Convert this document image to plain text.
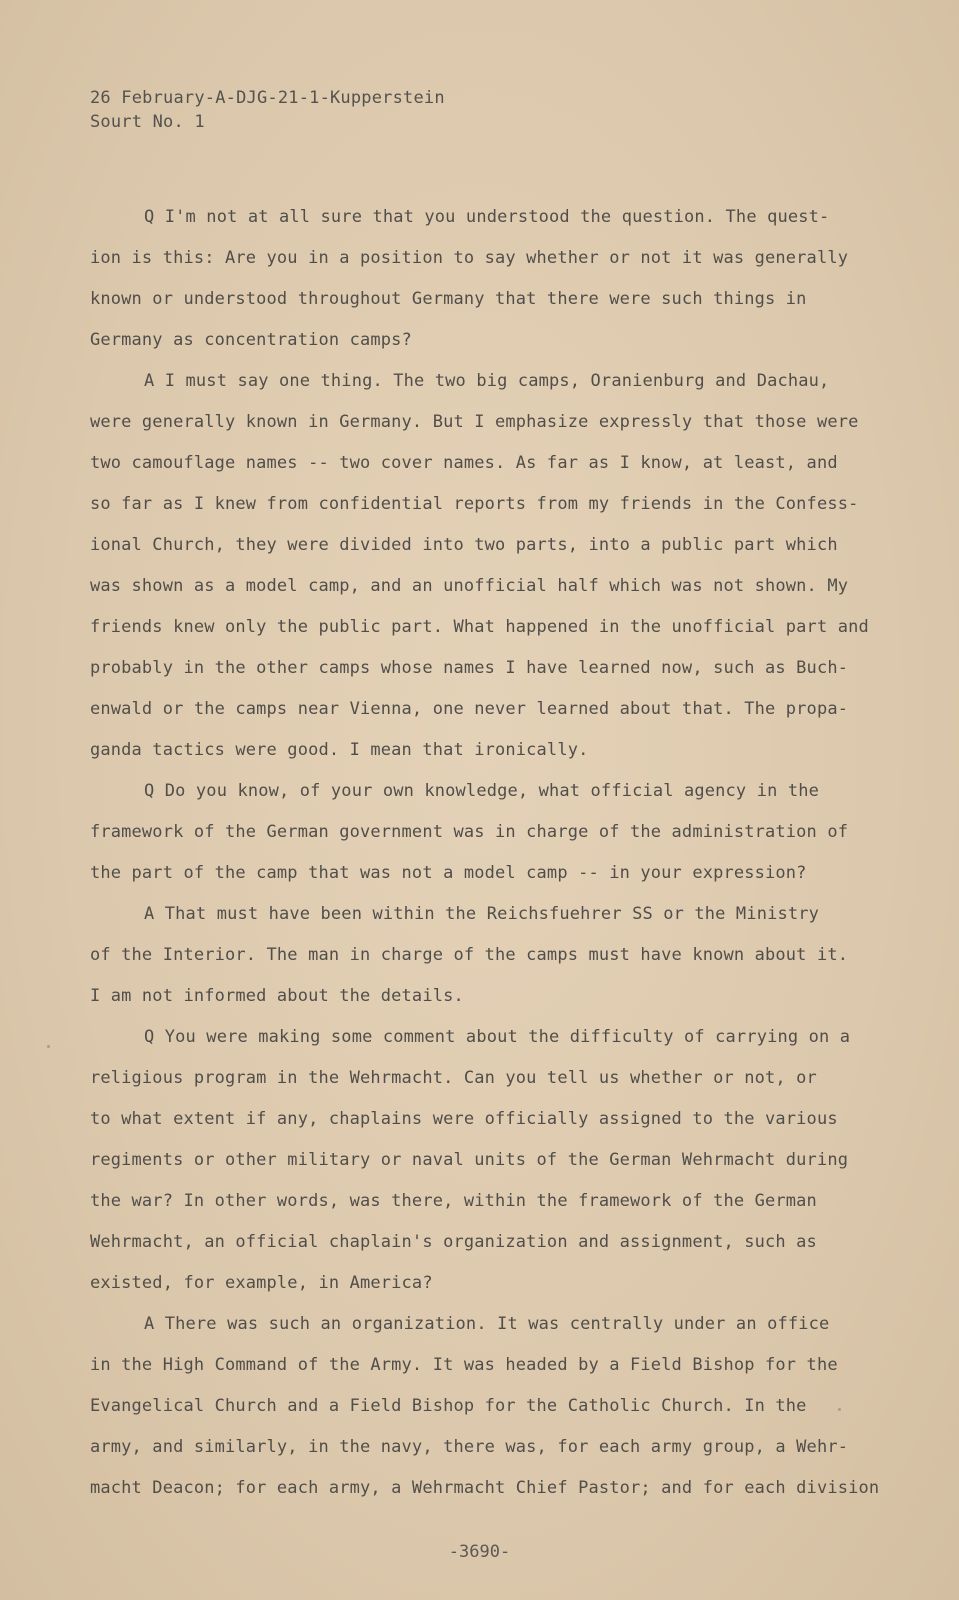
26 February-A-DJG-21-1-Kupperstein
Sourt No. 1
Q I'm not at all sure that you understood the question. The quest-
ion is this: Are you in a position to say whether or not it was generally
known or understood throughout Germany that there were such things in
Germany as concentration camps?
A I must say one thing. The two big camps, Oranienburg and Dachau,
were generally known in Germany. But I emphasize expressly that those were
two camouflage names -- two cover names. As far as I know, at least, and
so far as I knew from confidential reports from my friends in the Confess-
ional Church, they were divided into two parts, into a public part which
was shown as a model camp, and an unofficial half which was not shown. My
friends knew only the public part. What happened in the unofficial part and
probably in the other camps whose names I have learned now, such as Buch-
enwald or the camps near Vienna, one never learned about that. The propa-
ganda tactics were good. I mean that ironically.
Q Do you know, of your own knowledge, what official agency in the
framework of the German government was in charge of the administration of
the part of the camp that was not a model camp -- in your expression?
A That must have been within the Reichsfuehrer SS or the Ministry
of the Interior. The man in charge of the camps must have known about it.
I am not informed about the details.
Q You were making some comment about the difficulty of carrying on a
religious program in the Wehrmacht. Can you tell us whether or not, or
to what extent if any, chaplains were officially assigned to the various
regiments or other military or naval units of the German Wehrmacht during
the war? In other words, was there, within the framework of the German
Wehrmacht, an official chaplain's organization and assignment, such as
existed, for example, in America?
A There was such an organization. It was centrally under an office
in the High Command of the Army. It was headed by a Field Bishop for the
Evangelical Church and a Field Bishop for the Catholic Church. In the
army, and similarly, in the navy, there was, for each army group, a Wehr-
macht Deacon; for each army, a Wehrmacht Chief Pastor; and for each division
-3690-
